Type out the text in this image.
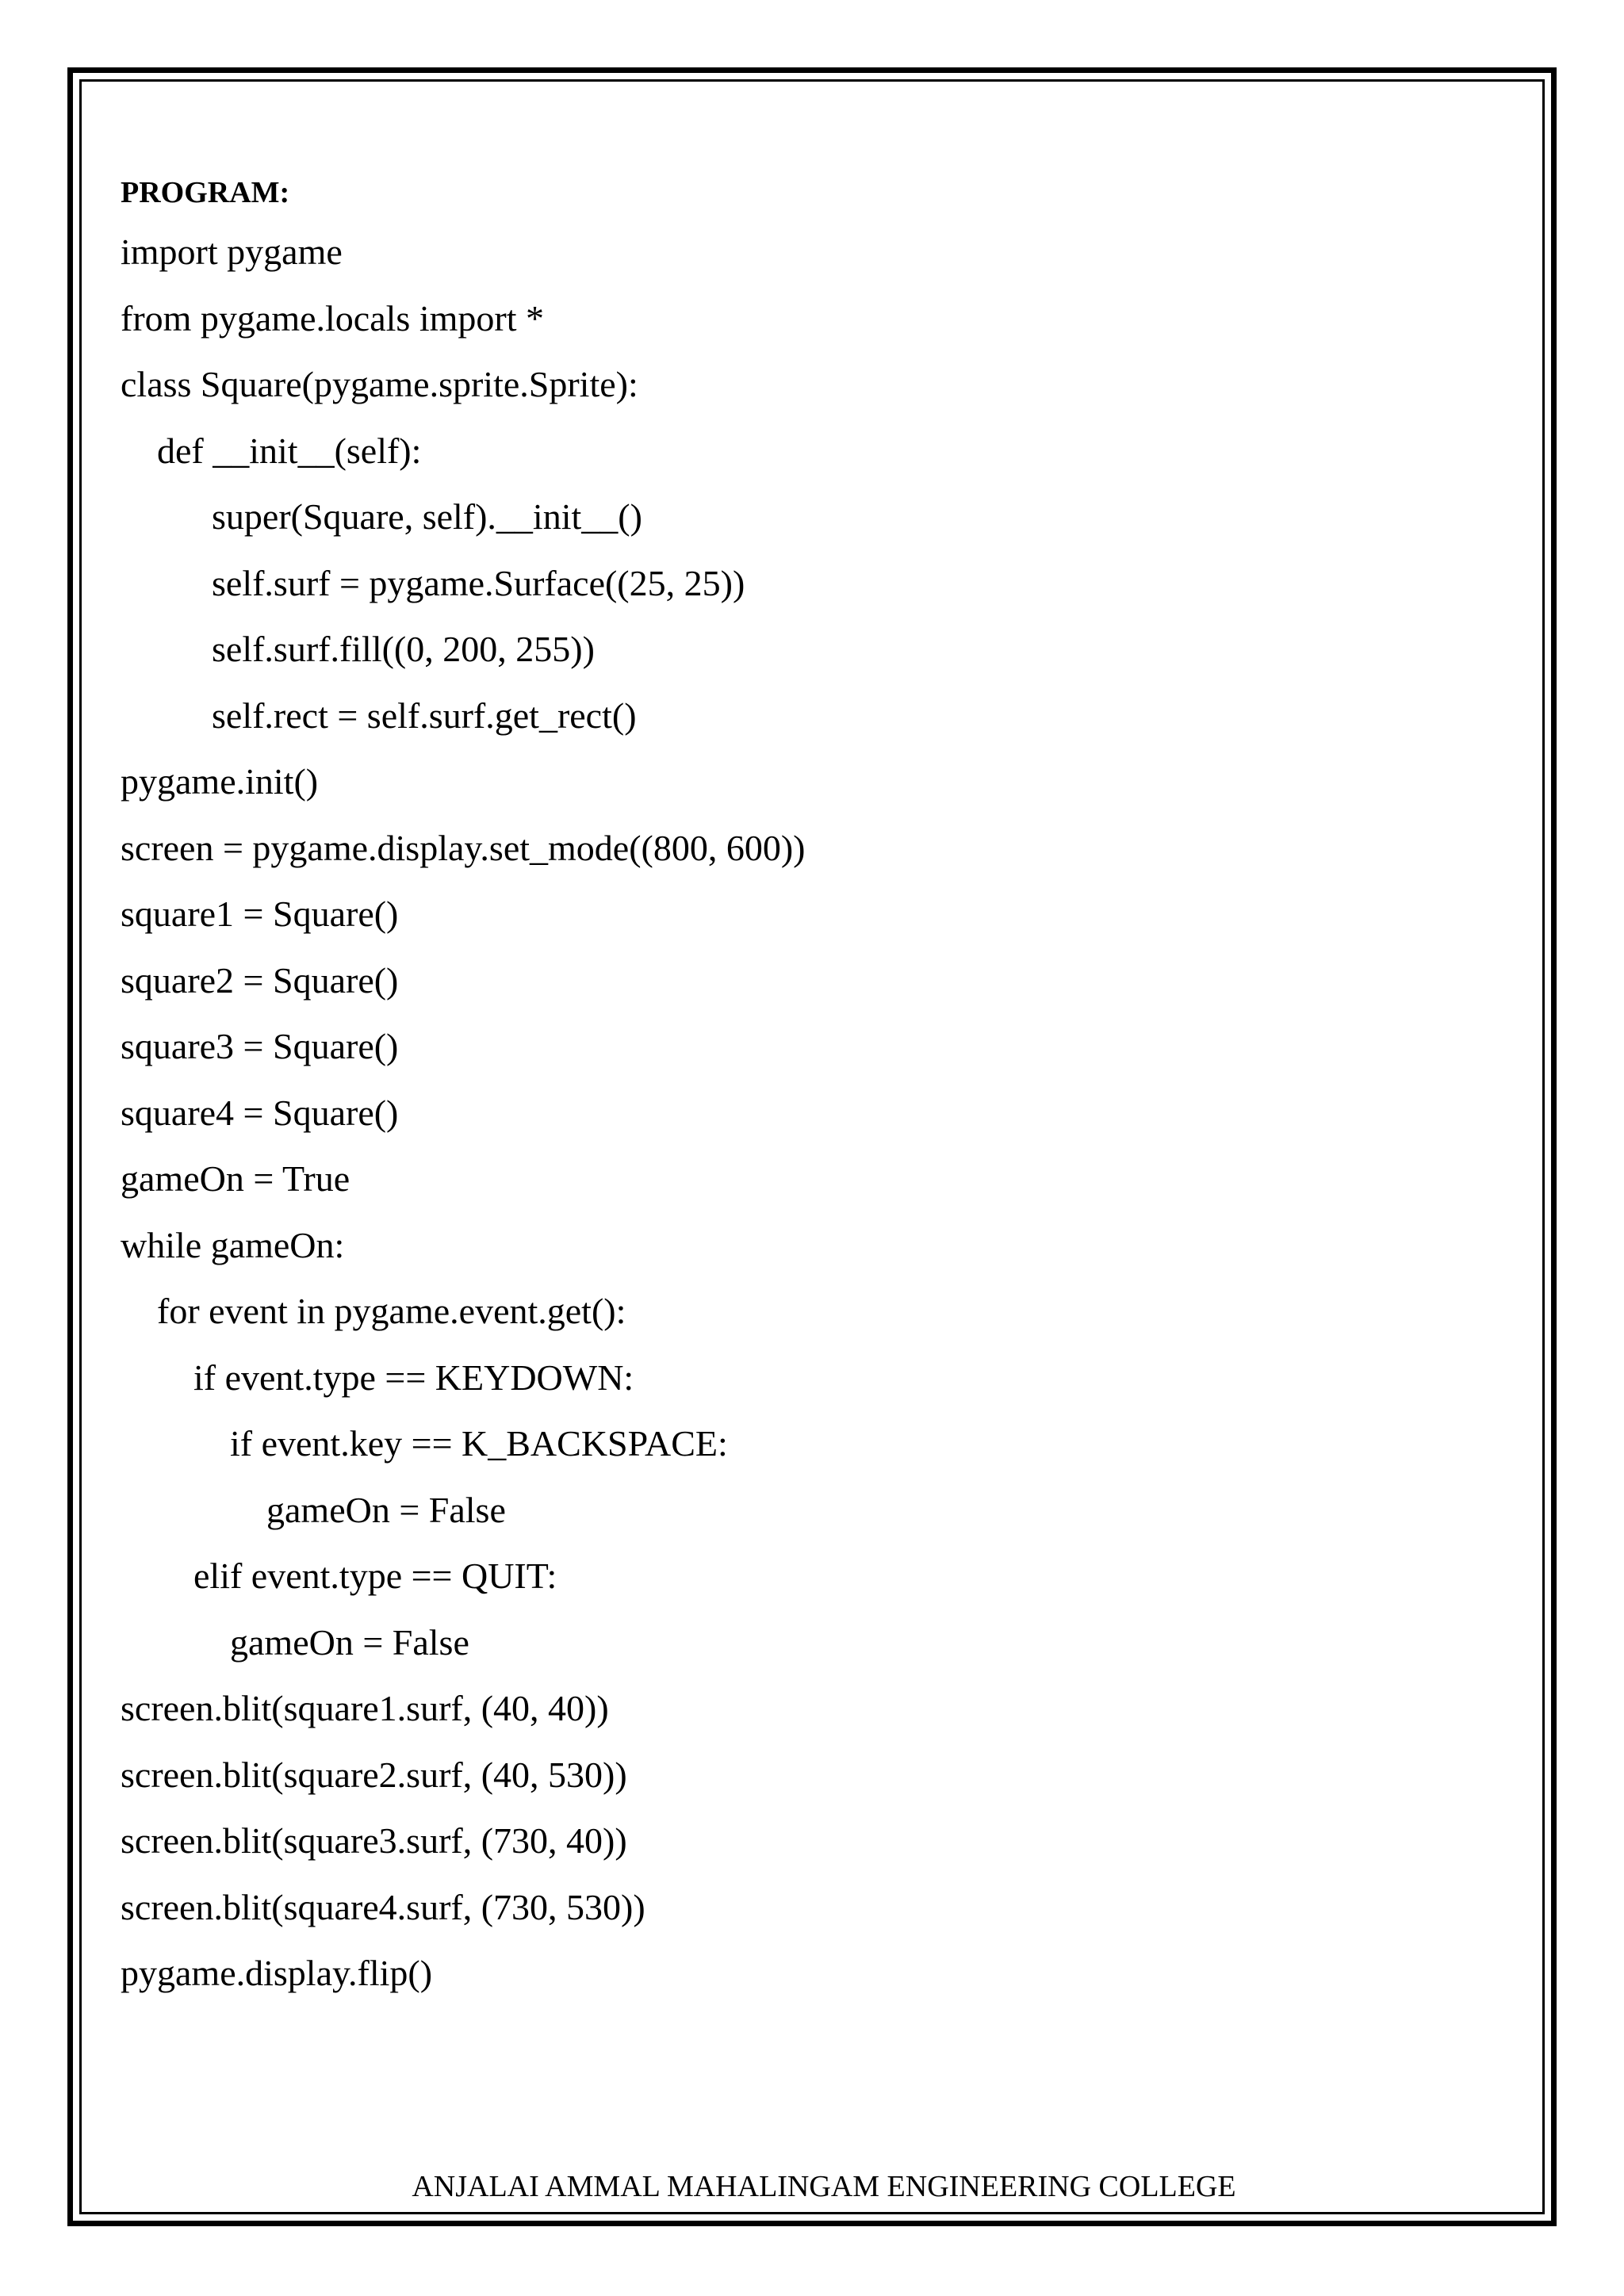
PROGRAM:
import pygame
from pygame.locals import *
class Square(pygame.sprite.Sprite):
def __init__(self):
super(Square, self).__init__()
self.surf = pygame.Surface((25, 25))
self.surf.fill((0, 200, 255))
self.rect = self.surf.get_rect()
pygame.init()
screen = pygame.display.set_mode((800, 600))
square1 = Square()
square2 = Square()
square3 = Square()
square4 = Square()
gameOn = True
while gameOn:
for event in pygame.event.get():
if event.type == KEYDOWN:
if event.key == K_BACKSPACE:
gameOn = False
elif event.type == QUIT:
gameOn = False
screen.blit(square1.surf, (40, 40))
screen.blit(square2.surf, (40, 530))
screen.blit(square3.surf, (730, 40))
screen.blit(square4.surf, (730, 530))
pygame.display.flip()
ANJALAI AMMAL MAHALINGAM ENGINEERING COLLEGE
